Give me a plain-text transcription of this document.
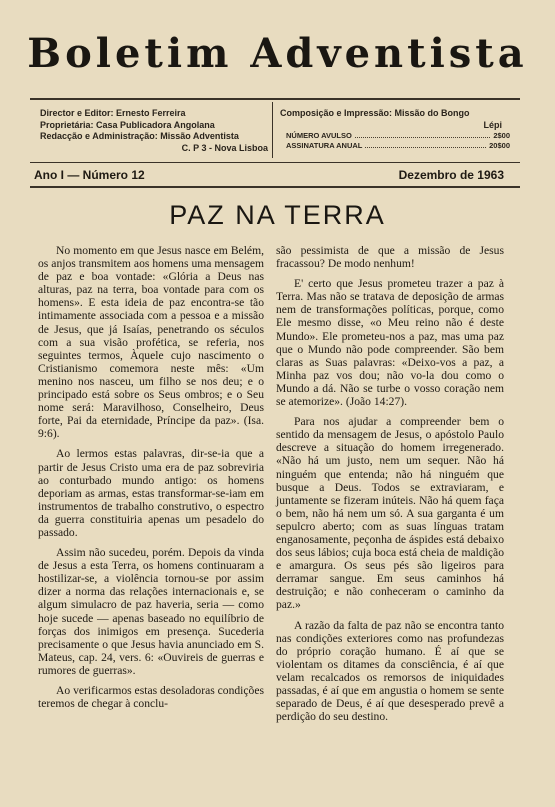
Boletim Adventista
Director e Editor: Ernesto Ferreira
Proprietária: Casa Publicadora Angolana
Redacção e Administração: Missão Adventista
C. P 3 - Nova Lisboa
Composição e Impressão: Missão do Bongo
Lépi
NÚMERO AVULSO	2$00
ASSINATURA ANUAL	20$00
Ano I — Número 12	Dezembro de 1963
PAZ NA TERRA

No momento em que Jesus nasce em Belém, os anjos transmitem aos homens uma mensagem de paz e boa vontade: «Glória a Deus nas alturas, paz na terra, boa vontade para com os homens». E esta ideia de paz encontra-se tão intimamente associada com a pessoa e a missão de Jesus, que já Isaías, penetrando os séculos com a sua visão profética, se referia, nos seguintes termos, Àquele cujo nascimento o Cristianismo comemora neste mês: «Um menino nos nasceu, um filho se nos deu; e o principado está sobre os Seus ombros; e o Seu nome será: Maravilhoso, Conselheiro, Deus forte, Pai da eternidade, Príncipe da paz». (Isa. 9:6).

Ao lermos estas palavras, dir-se-ia que a partir de Jesus Cristo uma era de paz sobreviria ao conturbado mundo antigo: os homens deporiam as armas, estas transformar-se-iam em instrumentos de trabalho construtivo, o espectro da guerra constituiria apenas um pesadelo do passado.

Assim não sucedeu, porém. Depois da vinda de Jesus a esta Terra, os homens continuaram a hostilizar-se, a violência tornou-se por assim dizer a norma das relações internacionais e, se algum simulacro de paz haveria, seria — como hoje sucede — apenas baseado no equilíbrio de forças dos inimigos em presença. Sucederia precisamente o que Jesus havia anunciado em S. Mateus, cap. 24, vers. 6: «Ouvireis de guerras e rumores de guerras».

Ao verificarmos estas desoladoras condições teremos de chegar à conclu-

são pessimista de que a missão de Jesus fracassou? De modo nenhum!

E' certo que Jesus prometeu trazer a paz à Terra. Mas não se tratava de deposição de armas nem de transformações políticas, porque, como Ele mesmo disse, «o Meu reino não é deste Mundo». Ele prometeu-nos a paz, mas uma paz que o Mundo não pode compreender. São bem claras as Suas palavras: «Deixo-vos a paz, a Minha paz vos dou; não vo-la dou como o Mundo a dá. Não se turbe o vosso coração nem se atemorize». (João 14:27).

Para nos ajudar a compreender bem o sentido da mensagem de Jesus, o apóstolo Paulo descreve a situação do homem irregenerado. «Não há um justo, nem um sequer. Não há ninguém que entenda; não há ninguém que busque a Deus. Todos se extraviaram, e juntamente se fizeram inúteis. Não há quem faça o bem, não há nem um só. A sua garganta é um sepulcro aberto; com as suas línguas tratam enganosamente, peçonha de áspides está debaixo dos seus lábios; cuja boca está cheia de maldição e amargura. Os seus pés são ligeiros para derramar sangue. Em seus caminhos há destruição; e não conheceram o caminho da paz.»

A razão da falta de paz não se encontra tanto nas condições exteriores como nas profundezas do próprio coração humano. É aí que se violentam os ditames da consciência, é aí que velam recalcados os remorsos de iniquidades passadas, é aí que em angustia o homem se sente separado de Deus, é aí que desesperado prevê a perdição do seu destino.
